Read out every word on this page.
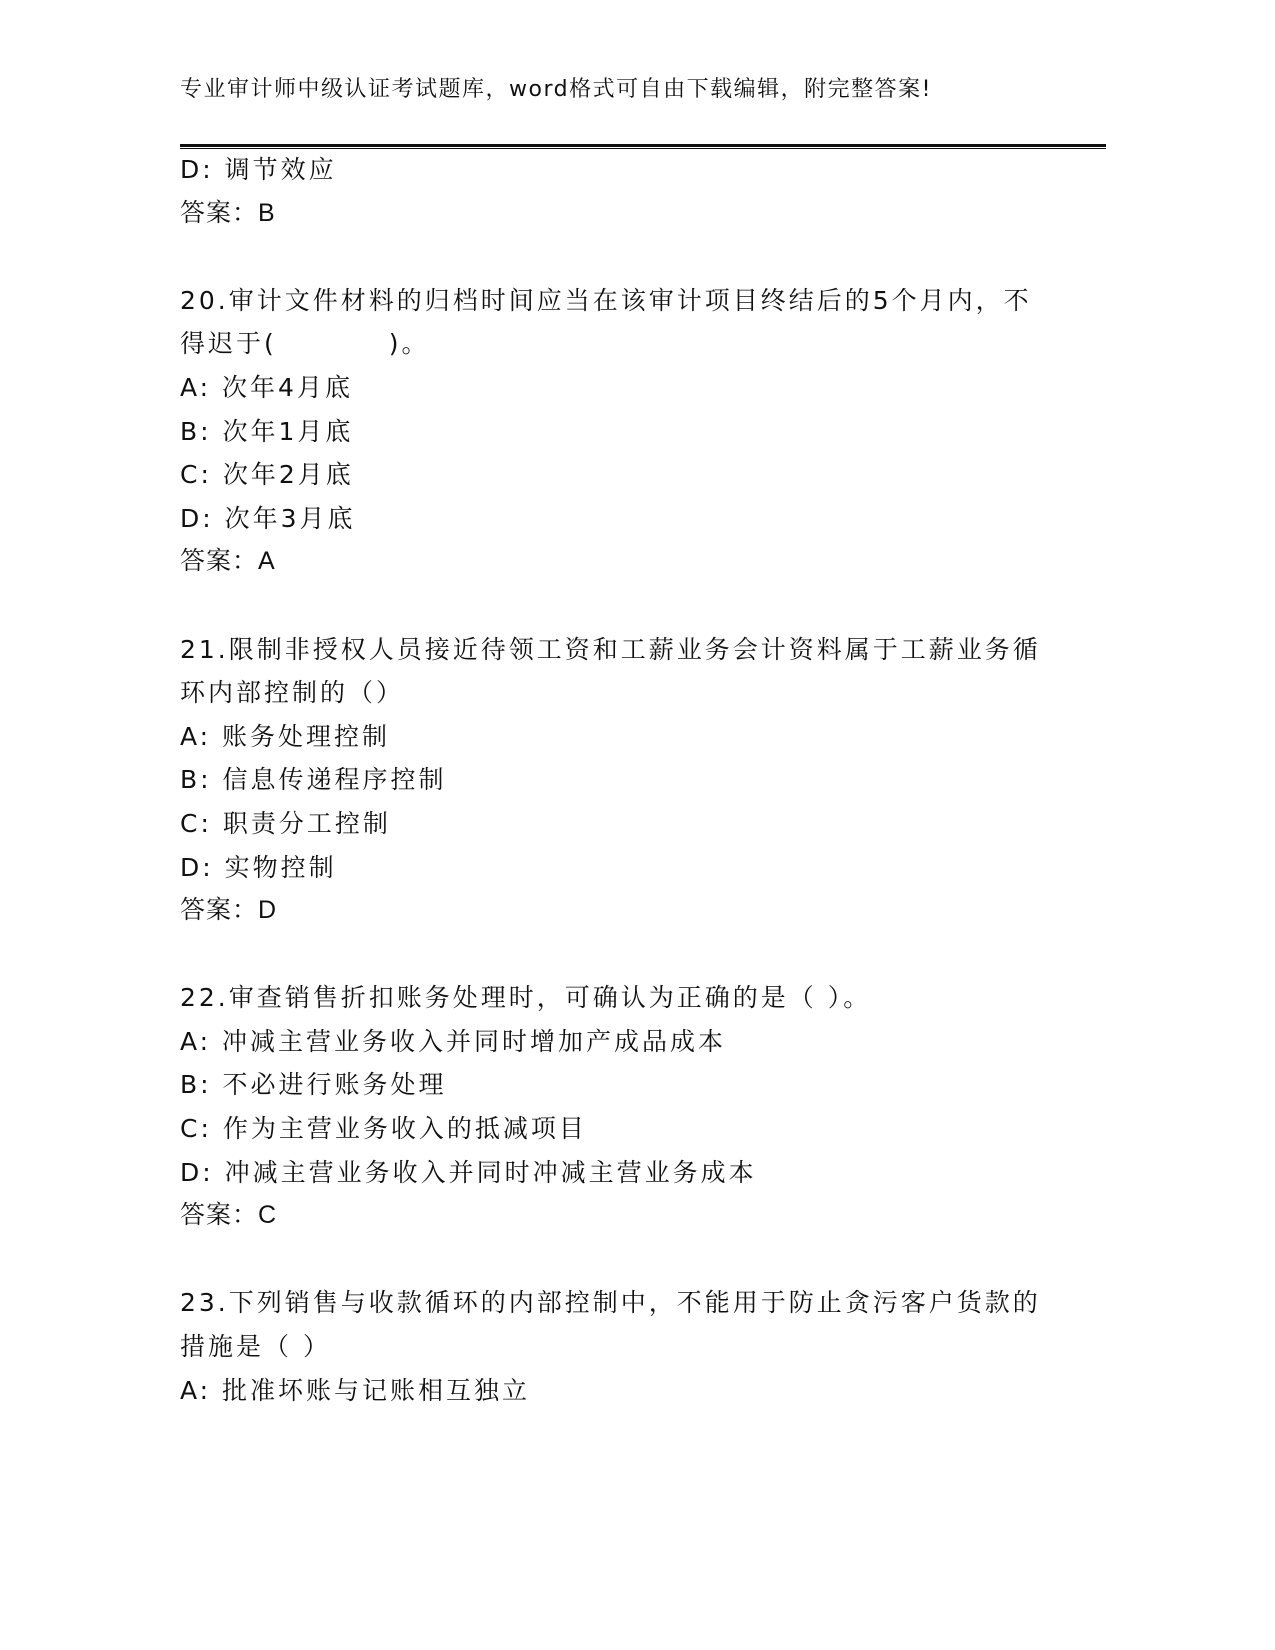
专业审计师中级认证考试题库，word格式可自由下载编辑，附完整答案!
D: 调节效应
答案：B
20.审计文件材料的归档时间应当在该审计项目终结后的5个月内，不
得迟于(　　　　)。
A: 次年4月底
B: 次年1月底
C: 次年2月底
D: 次年3月底
答案：A
21.限制非授权人员接近待领工资和工薪业务会计资料属于工薪业务循
环内部控制的（）
A: 账务处理控制
B: 信息传递程序控制
C: 职责分工控制
D: 实物控制
答案：D
22.审查销售折扣账务处理时，可确认为正确的是（ ）。
A: 冲减主营业务收入并同时增加产成品成本
B: 不必进行账务处理
C: 作为主营业务收入的抵减项目
D: 冲减主营业务收入并同时冲减主营业务成本
答案：C
23.下列销售与收款循环的内部控制中，不能用于防止贪污客户货款的
措施是（ ）
A: 批准坏账与记账相互独立
